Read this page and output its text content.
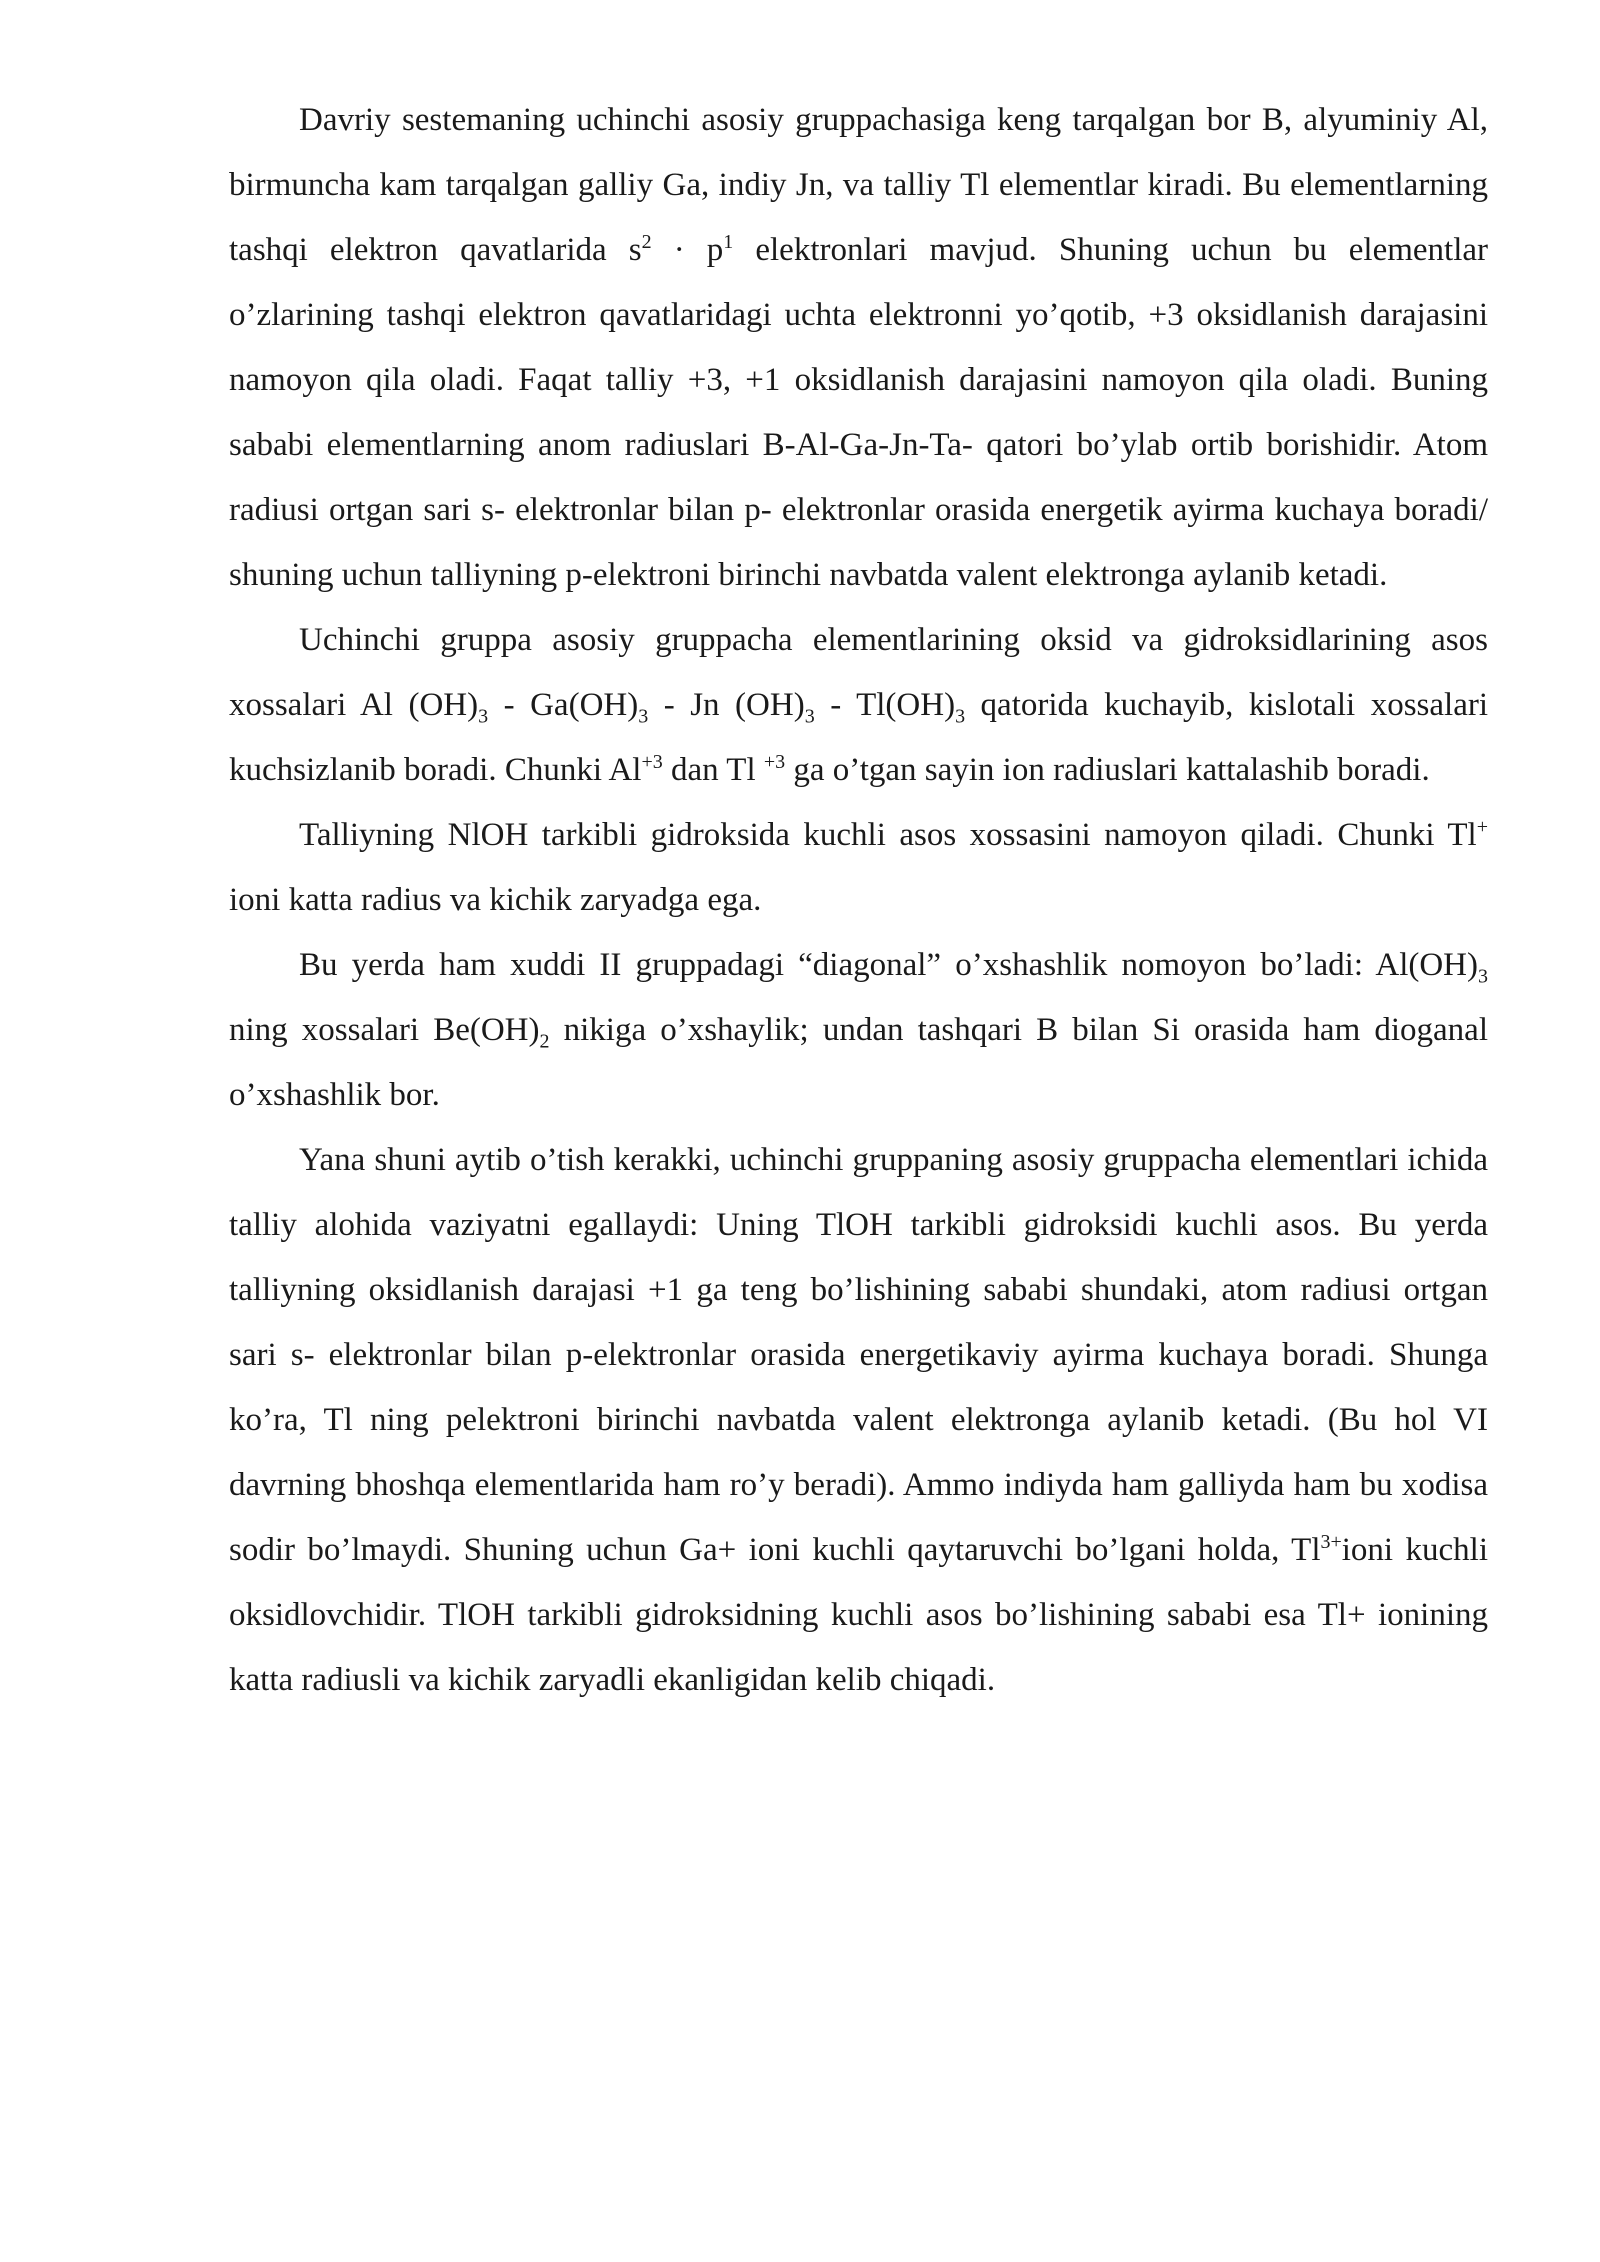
Davriy sestemaning uchinchi asosiy gruppachasiga keng tarqalgan bor B, alyuminiy Al, birmuncha kam tarqalgan galliy Ga, indiy Jn, va talliy Tl elementlar kiradi. Bu elementlarning tashqi elektron qavatlarida $s^2 \cdot p^1$ elektronlari mavjud. Shuning uchun bu elementlar o’zlarining tashqi elektron qavatlaridagi uchta elektronni yo’qotib, +3 oksidlanish darajasini namoyon qila oladi. Faqat talliy +3, +1 oksidlanish darajasini namoyon qila oladi. Buning sababi elementlarning anom radiuslari B-Al-Ga-Jn-Ta- qatori bo’ylab ortib borishidir. Atom radiusi ortgan sari s- elektronlar bilan p- elektronlar orasida energetik ayirma kuchaya boradi/ shuning uchun talliyning p-elektroni birinchi navbatda valent elektronga aylanib ketadi.

Uchinchi gruppa asosiy gruppacha elementlarining oksid va gidroksidlarining asos xossalari Al $(OH)_3 - Ga(OH)_3$ - Jn $(OH)_3 - Tl(OH)_3$ qatorida kuchayib, kislotali xossalari kuchsizlanib boradi. Chunki $Al^{+3}$ dan Tl $^{+3}$ ga o’tgan sayin ion radiuslari kattalashib boradi.

Talliyning NlOH tarkibli gidroksida kuchli asos xossasini namoyon qiladi. Chunki Tl+ ioni katta radius va kichik zaryadga ega.

Bu yerda ham xuddi II gruppadagi “diagonal” o’xshashlik nomoyon bo’ladi: $Al(OH)_3$ ning xossalari $Be(OH)_2$ nikiga o’xshaylik; undan tashqari B bilan Si orasida ham dioganal o’xshashlik bor.

Yana shuni aytib o’tish kerakki, uchinchi gruppaning asosiy gruppacha elementlari ichida talliy alohida vaziyatni egallaydi: Uning TlOH tarkibli gidroksidi kuchli asos. Bu yerda talliyning oksidlanish darajasi +1 ga teng bo’lishining sababi shundaki, atom radiusi ortgan sari s- elektronlar bilan p-elektronlar orasida energetikaviy ayirma kuchaya boradi. Shunga ko’ra, Tl ning pelektroni birinchi navbatda valent elektronga aylanib ketadi. (Bu hol VI davrning bhoshqa elementlarida ham ro’y beradi). Ammo indiyda ham galliyda ham bu xodisa sodir bo’lmaydi. Shuning uchun Ga+ ioni kuchli qaytaruvchi bo’lgani holda, $Tl^{3+}ioni$ kuchli oksidlovchidir. TlOH tarkibli gidroksidning kuchli asos bo’lishining sababi esa Tl+ ionining katta radiusli va kichik zaryadli ekanligidan kelib chiqadi.
